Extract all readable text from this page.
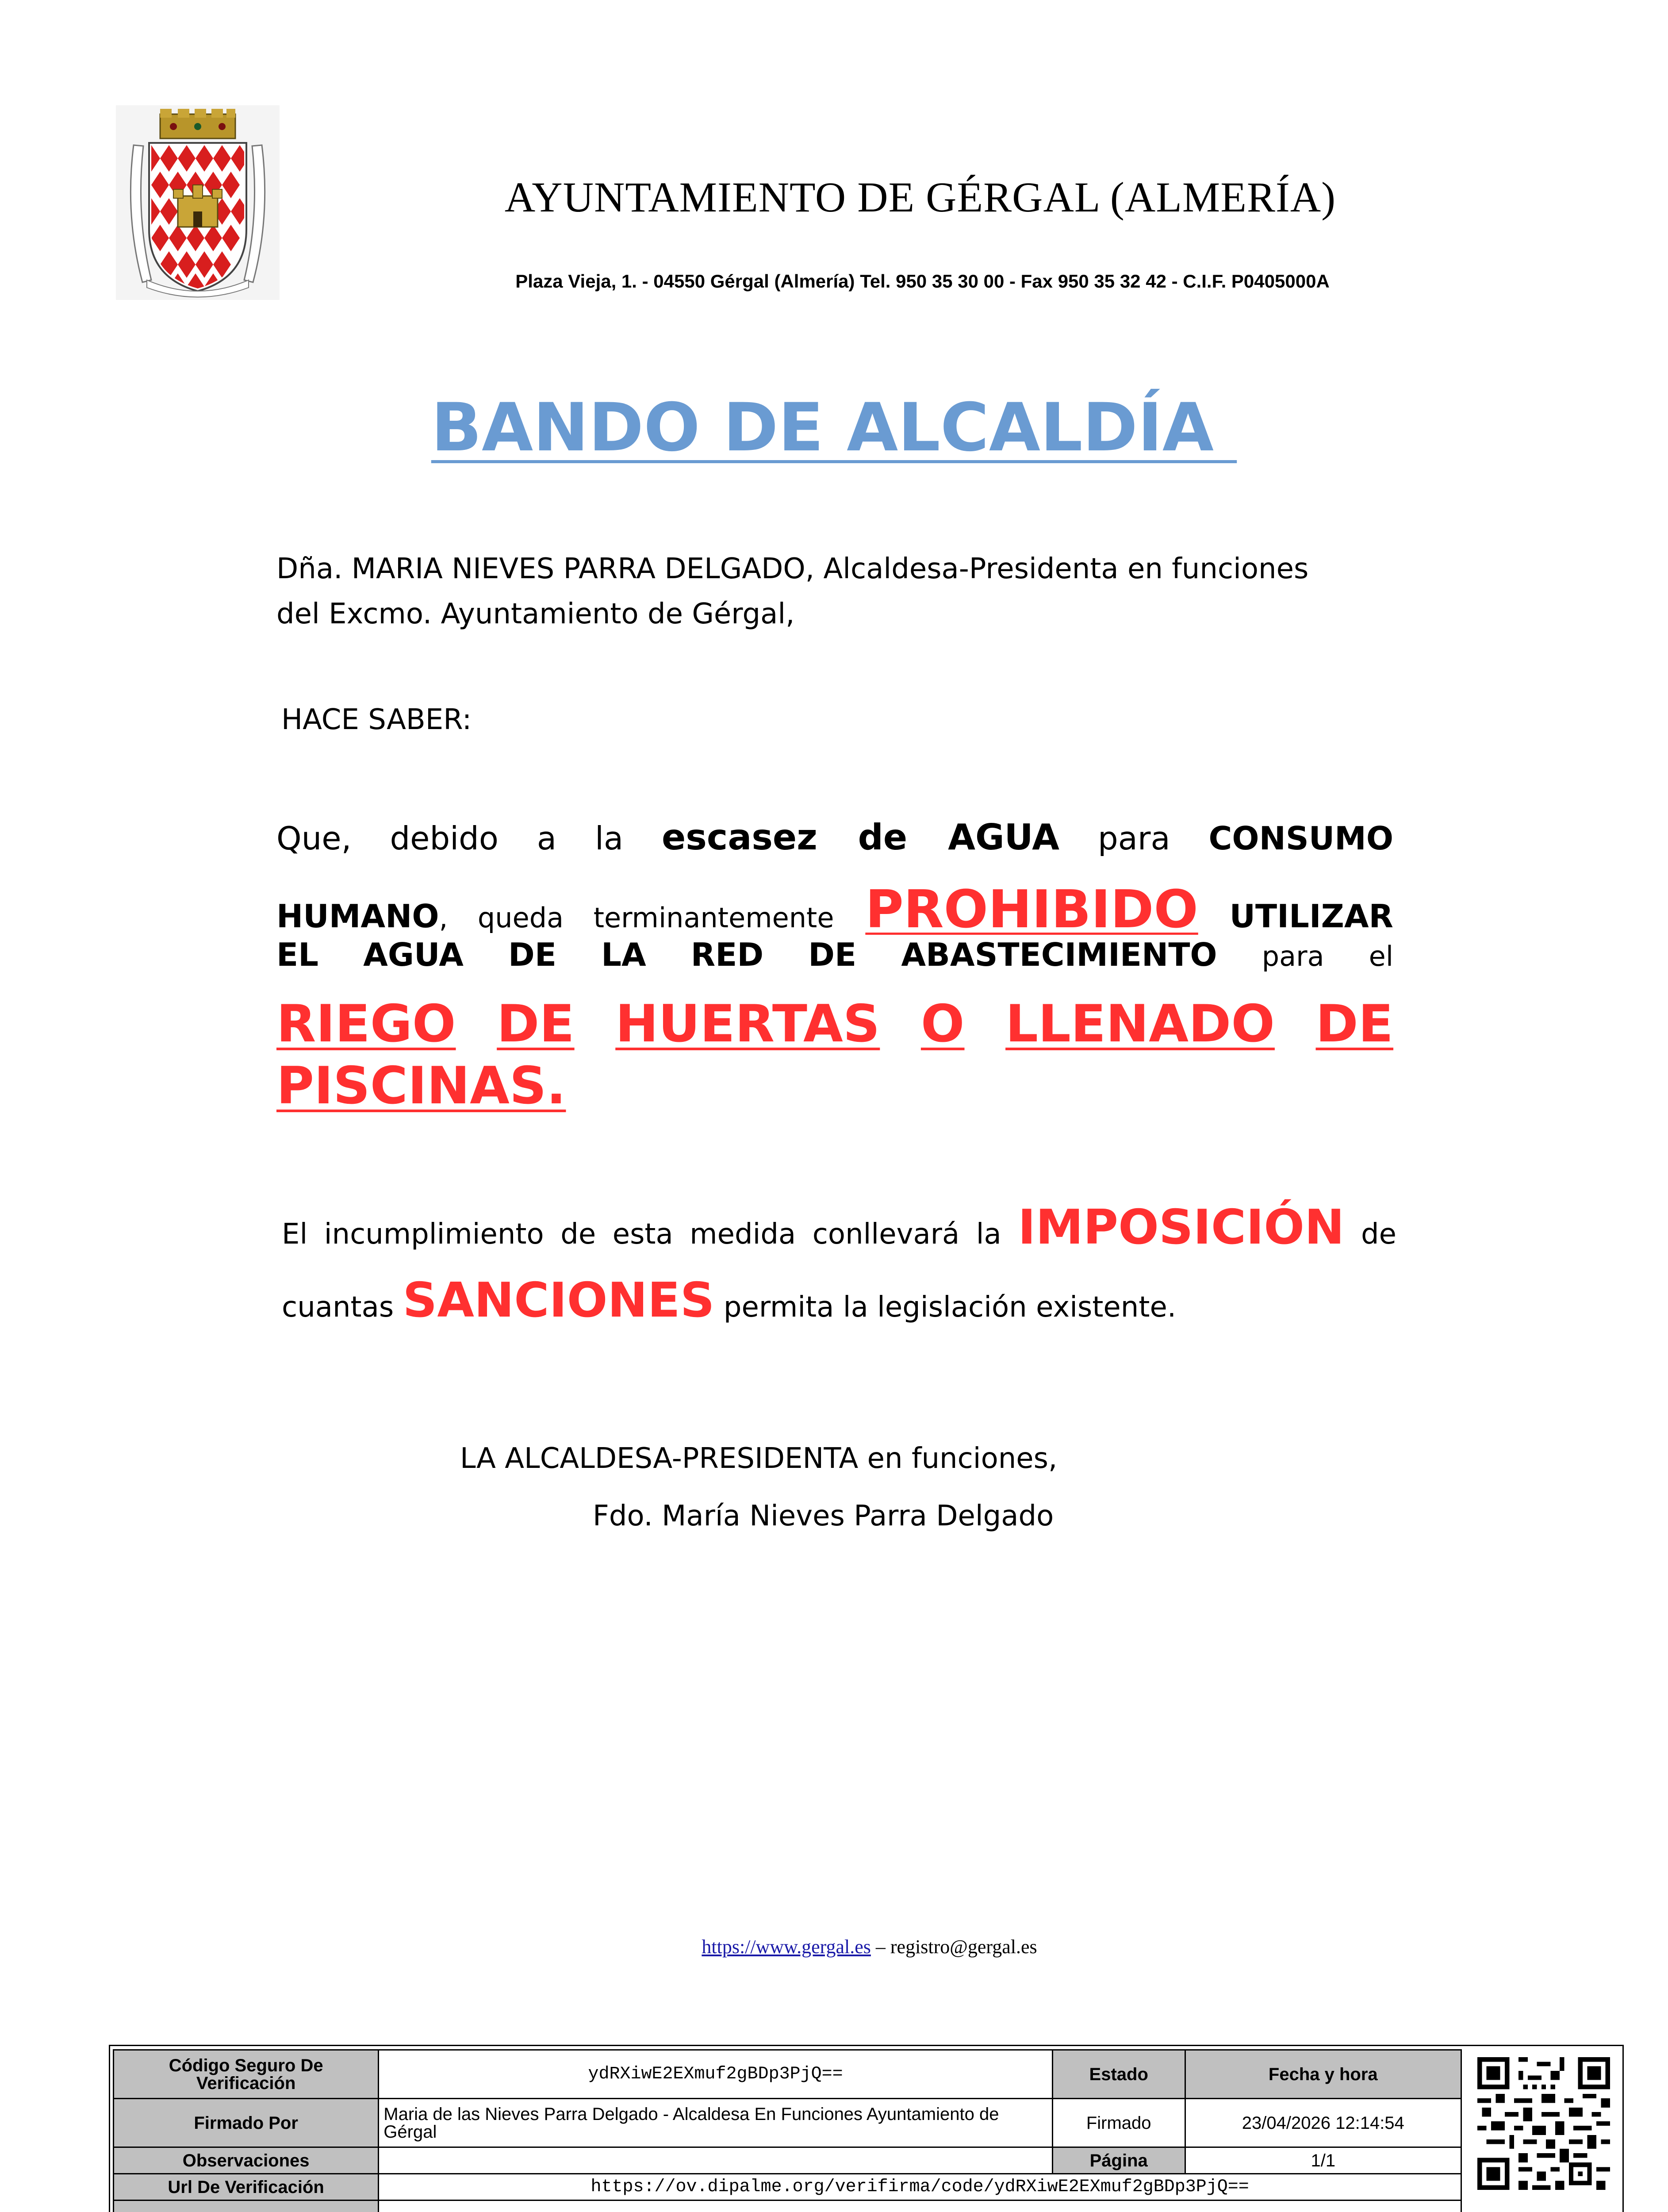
AYUNTAMIENTO DE GÉRGAL (ALMERÍA)
Plaza Vieja, 1. - 04550 Gérgal (Almería) Tel. 950 35 30 00 - Fax 950 35 32 42 - C.I.F. P0405000A
BANDO DE ALCALDÍA
Dña. MARIA NIEVES PARRA DELGADO, Alcaldesa-Presidenta en funciones
del Excmo. Ayuntamiento de Gérgal,
HACE SABER:
Que, debido a la escasez de AGUA para CONSUMO
HUMANO, queda terminantemente PROHIBIDO UTILIZAR
EL AGUA DE LA RED DE ABASTECIMIENTO para el
RIEGO DE HUERTAS O LLENADO DE
PISCINAS.
El incumplimiento de esta medida conllevará la IMPOSICIÓN de
cuantas SANCIONES permita la legislación existente.
LA ALCALDESA-PRESIDENTA en funciones,
Fdo. María Nieves Parra Delgado
https://www.gergal.es – registro@gergal.es
Código Seguro De Verificación	ydRXiwE2EXmuf2gBDp3PjQ==	Estado	Fecha y hora
Firmado Por	Maria de las Nieves Parra Delgado - Alcaldesa En Funciones Ayuntamiento de Gérgal	Firmado	23/04/2026 12:14:54
Observaciones		Página	1/1
Url De Verificación	https://ov.dipalme.org/verifirma/code/ydRXiwE2EXmuf2gBDp3PjQ==		
